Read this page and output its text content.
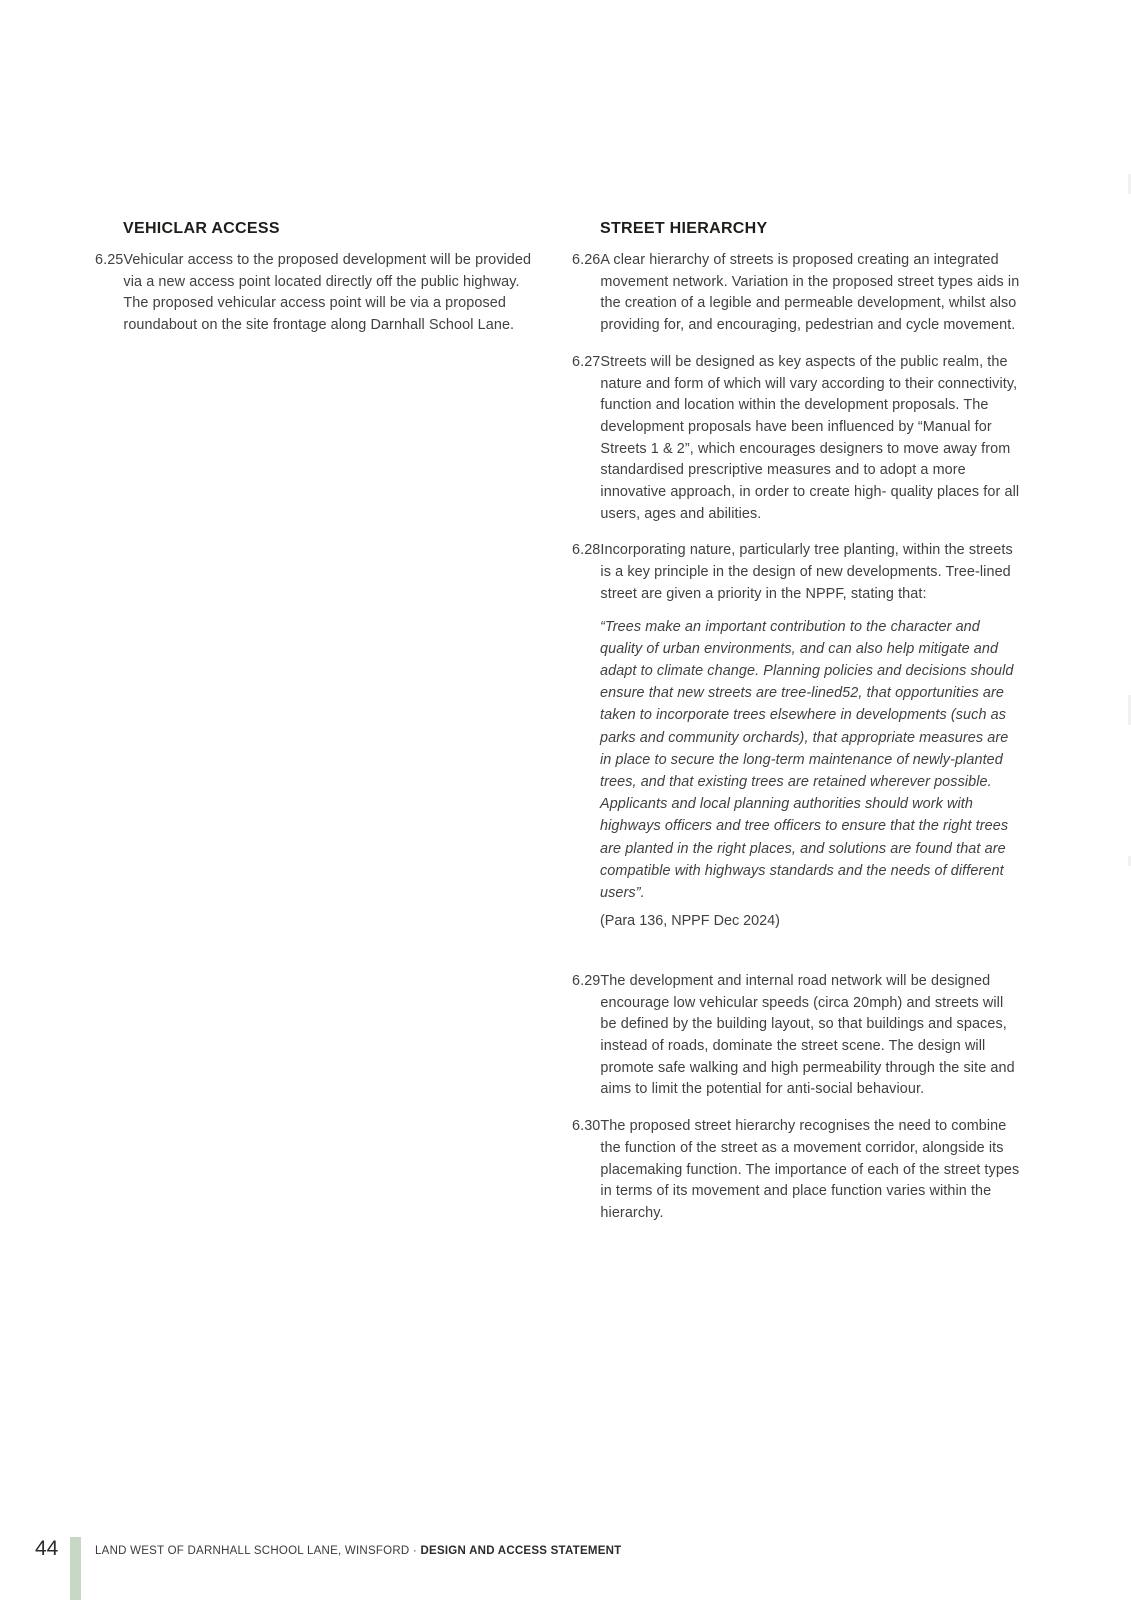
VEHICLAR ACCESS
6.25 Vehicular access to the proposed development will be provided via a new access point located directly off the public highway. The proposed vehicular access point will be via a proposed roundabout on the site frontage along Darnhall School Lane.
STREET HIERARCHY
6.26 A clear hierarchy of streets is proposed creating an integrated movement network. Variation in the proposed street types aids in the creation of a legible and permeable development, whilst also providing for, and encouraging, pedestrian and cycle movement.
6.27 Streets will be designed as key aspects of the public realm, the nature and form of which will vary according to their connectivity, function and location within the development proposals. The development proposals have been influenced by “Manual for Streets 1 & 2”, which encourages designers to move away from standardised prescriptive measures and to adopt a more innovative approach, in order to create high- quality places for all users, ages and abilities.
6.28 Incorporating nature, particularly tree planting, within the streets is a key principle in the design of new developments. Tree-lined street are given a priority in the NPPF, stating that:
“Trees make an important contribution to the character and quality of urban environments, and can also help mitigate and adapt to climate change. Planning policies and decisions should ensure that new streets are tree-lined52, that opportunities are taken to incorporate trees elsewhere in developments (such as parks and community orchards), that appropriate measures are in place to secure the long-term maintenance of newly-planted trees, and that existing trees are retained wherever possible. Applicants and local planning authorities should work with highways officers and tree officers to ensure that the right trees are planted in the right places, and solutions are found that are compatible with highways standards and the needs of different users”.
(Para 136, NPPF Dec 2024)
6.29 The development and internal road network will be designed encourage low vehicular speeds (circa 20mph) and streets will be defined by the building layout, so that buildings and spaces, instead of roads, dominate the street scene. The design will promote safe walking and high permeability through the site and aims to limit the potential for anti-social behaviour.
6.30 The proposed street hierarchy recognises the need to combine the function of the street as a movement corridor, alongside its placemaking function. The importance of each of the street types in terms of its movement and place function varies within the hierarchy.
44	LAND WEST OF DARNHALL SCHOOL LANE, WINSFORD · DESIGN AND ACCESS STATEMENT
